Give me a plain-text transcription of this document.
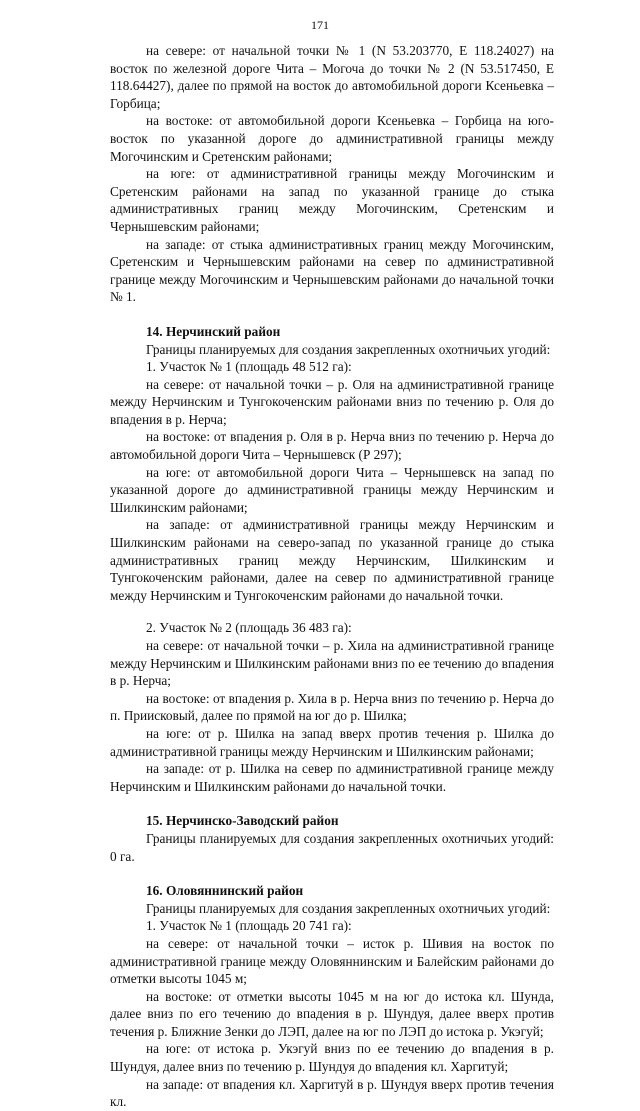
171

на севере: от начальной точки № 1 (N 53.203770, E 118.24027) на восток по железной дороге Чита – Могоча до точки № 2 (N 53.517450, E 118.64427), далее по прямой на восток до автомобильной дороги Ксеньевка – Горбица;

на востоке: от автомобильной дороги Ксеньевка – Горбица на юго-восток по указанной дороге до административной границы между Могочинским и Сретенским районами;

на юге: от административной границы между Могочинским и Сретенским районами на запад по указанной границе до стыка административных границ между Могочинским, Сретенским и Чернышевским районами;

на западе: от стыка административных границ между Могочинским, Сретенским и Чернышевским районами на север по административной границе между Могочинским и Чернышевским районами до начальной точки № 1.

14. Нерчинский район

Границы планируемых для создания закрепленных охотничьих угодий:

1. Участок № 1 (площадь 48 512 га):

на севере: от начальной точки – р. Оля на административной границе между Нерчинским и Тунгокоченским районами вниз по течению р. Оля до впадения в р. Нерча;

на востоке: от впадения р. Оля в р. Нерча вниз по течению р. Нерча до автомобильной дороги Чита – Чернышевск (Р 297);

на юге: от автомобильной дороги Чита – Чернышевск на запад по указанной дороге до административной границы между Нерчинским и Шилкинским районами;

на западе: от административной границы между Нерчинским и Шилкинским районами на северо-запад по указанной границе до стыка административных границ между Нерчинским, Шилкинским и Тунгокоченским районами, далее на север по административной границе между Нерчинским и Тунгокоченским районами до начальной точки.

2. Участок № 2 (площадь 36 483 га):

на севере: от начальной точки – р. Хила на административной границе между Нерчинским и Шилкинским районами вниз по ее течению до впадения в р. Нерча;

на востоке: от впадения р. Хила в р. Нерча вниз по течению р. Нерча до п. Приисковый, далее по прямой на юг до р. Шилка;

на юге: от р. Шилка на запад вверх против течения р. Шилка до административной границы между Нерчинским и Шилкинским районами;

на западе: от р. Шилка на север по административной границе между Нерчинским и Шилкинским районами до начальной точки.

15. Нерчинско-Заводский район

Границы планируемых для создания закрепленных охотничьих угодий: 0 га.

16. Оловяннинский район

Границы планируемых для создания закрепленных охотничьих угодий:

1. Участок № 1 (площадь 20 741 га):

на севере: от начальной точки – исток р. Шивия на восток по административной границе между Оловяннинским и Балейским районами до отметки высоты 1045 м;

на востоке: от отметки высоты 1045 м на юг до истока кл. Шунда, далее вниз по его течению до впадения в р. Шундуя, далее вверх против течения р. Ближние Зенки до ЛЭП, далее на юг по ЛЭП до истока р. Укэгуй;

на юге: от истока р. Укэгуй вниз по ее течению до впадения в р. Шундуя, далее вниз по течению р. Шундуя до впадения кл. Харгитуй;

на западе: от впадения кл. Харгитуй в р. Шундуя вверх против течения кл.
